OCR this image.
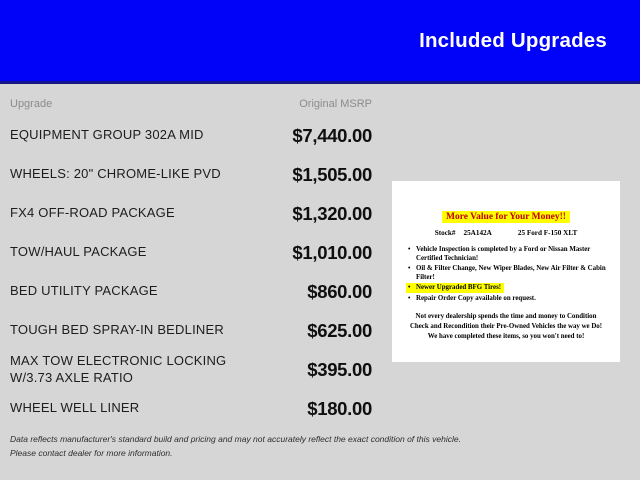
Included Upgrades
Upgrade	Original MSRP
EQUIPMENT GROUP 302A MID	$7,440.00
WHEELS: 20" CHROME-LIKE PVD	$1,505.00
FX4 OFF-ROAD PACKAGE	$1,320.00
TOW/HAUL PACKAGE	$1,010.00
BED UTILITY PACKAGE	$860.00
TOUGH BED SPRAY-IN BEDLINER	$625.00
MAX TOW ELECTRONIC LOCKING W/3.73 AXLE RATIO	$395.00
WHEEL WELL LINER	$180.00

Data reflects manufacturer's standard build and pricing and may not accurately reflect the exact condition of this vehicle.
Please contact dealer for more information.

More Value for Your Money!!
Stock# 25A142A	25 Ford F-150 XLT
• Vehicle Inspection is completed by a Ford or Nissan Master Certified Technician!
• Oil & Filter Change, New Wiper Blades, New Air Filter & Cabin Filter!
• Newer Upgraded BFG Tires!
• Repair Order Copy available on request.

Not every dealership spends the time and money to Condition Check and Recondition their Pre-Owned Vehicles the way we Do! We have completed these items, so you won't need to!
